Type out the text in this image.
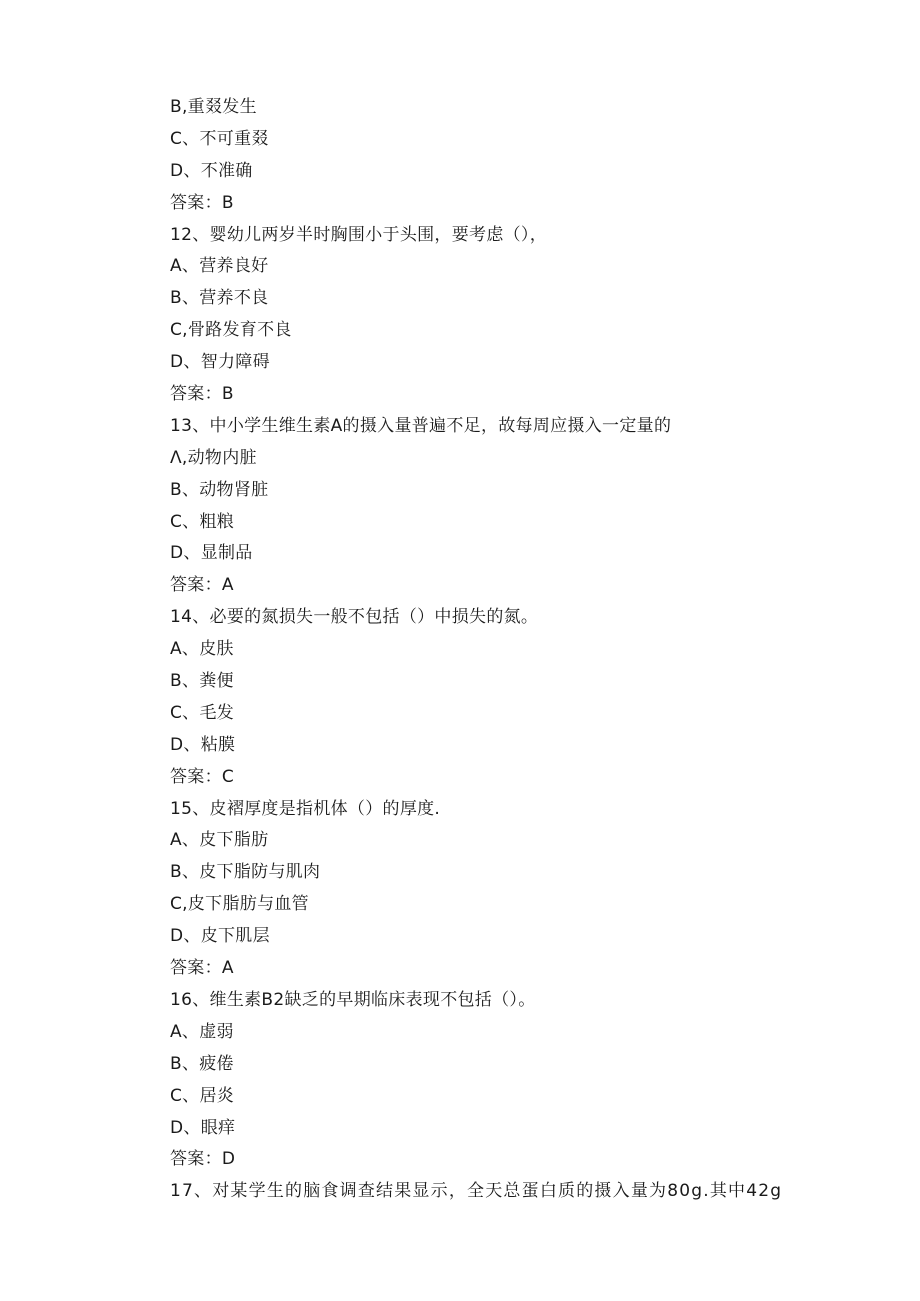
B,重叕发生
C、不可重叕
D、不准确
答案：B
12、婴幼儿两岁半时胸围小于头围，要考虑（），
A、营养良好
B、营养不良
C,骨路发育不良
D、智力障碍
答案：B
13、中小学生维生素A的摄入量普遍不足，故每周应摄入一定量的
Λ,动物内脏
B、动物肾脏
C、粗粮
D、显制品
答案：A
14、必要的氮损失一般不包括（）中损失的氮。
A、皮肤
B、粪便
C、毛发
D、粘膜
答案：C
15、皮褶厚度是指机体（）的厚度.
A、皮下脂肪
B、皮下脂防与肌肉
C,皮下脂肪与血管
D、皮下肌层
答案：A
16、维生素B2缺乏的早期临床表现不包括（）。
A、虚弱
B、疲倦
C、居炎
D、眼痒
答案：D
17、对某学生的脑食调查结果显示，全天总蛋白质的摄入量为80g.其中42g
